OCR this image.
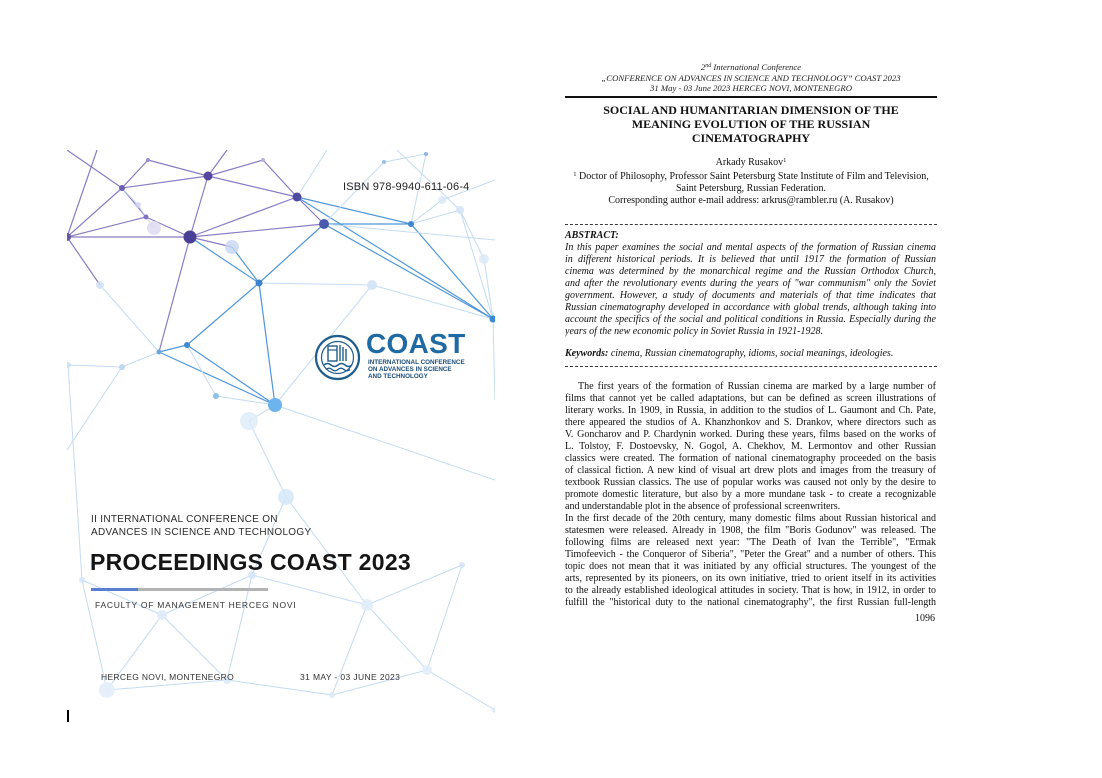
ISBN 978-9940-611-06-4
COAST
INTERNATIONAL CONFERENCE
ON ADVANCES IN SCIENCE
AND TECHNOLOGY
II INTERNATIONAL CONFERENCE ON
ADVANCES IN SCIENCE AND TECHNOLOGY
PROCEEDINGS COAST 2023
FACULTY OF MANAGEMENT HERCEG NOVI
HERCEG NOVI, MONTENEGRO	31 MAY - 03 JUNE 2023
2nd International Conference
„CONFERENCE ON ADVANCES IN SCIENCE AND TECHNOLOGY” COAST 2023
31 May - 03 June 2023 HERCEG NOVI, MONTENEGRO
SOCIAL AND HUMANITARIAN DIMENSION OF THE
MEANING EVOLUTION OF THE RUSSIAN
CINEMATOGRAPHY
Arkady Rusakov$^1$
$^1$ Doctor of Philosophy, Professor Saint Petersburg State Institute of Film and Television,
Saint Petersburg, Russian Federation.
Corresponding author e-mail address: arkrus@rambler.ru (A. Rusakov)
ABSTRACT:
In this paper examines the social and mental aspects of the formation of Russian cinema
in different historical periods. It is believed that until 1917 the formation of Russian
cinema was determined by the monarchical regime and the Russian Orthodox Church,
and after the revolutionary events during the years of "war communism" only the Soviet
government. However, a study of documents and materials of that time indicates that
Russian cinematography developed in accordance with global trends, although taking into
account the specifics of the social and political conditions in Russia. Especially during the
years of the new economic policy in Soviet Russia in 1921-1928.
Keywords: cinema, Russian cinematography, idioms, social meanings, ideologies.
The first years of the formation of Russian cinema are marked by a large number of
films that cannot yet be called adaptations, but can be defined as screen illustrations of
literary works. In 1909, in Russia, in addition to the studios of L. Gaumont and Ch. Pate,
there appeared the studios of A. Khanzhonkov and S. Drankov, where directors such as
V. Goncharov and P. Chardynin worked. During these years, films based on the works of
L. Tolstoy, F. Dostoevsky, N. Gogol, A. Chekhov, M. Lermontov and other Russian
classics were created. The formation of national cinematography proceeded on the basis
of classical fiction. A new kind of visual art drew plots and images from the treasury of
textbook Russian classics. The use of popular works was caused not only by the desire to
promote domestic literature, but also by a more mundane task - to create a recognizable
and understandable plot in the absence of professional screenwriters.
In the first decade of the 20th century, many domestic films about Russian historical and
statesmen were released. Already in 1908, the film "Boris Godunov" was released. The
following films are released next year: "The Death of Ivan the Terrible", "Ermak
Timofeevich - the Conqueror of Siberia", "Peter the Great" and a number of others. This
topic does not mean that it was initiated by any official structures. The youngest of the
arts, represented by its pioneers, on its own initiative, tried to orient itself in its activities
to the already established ideological attitudes in society. That is how, in 1912, in order to
fulfill the "historical duty to the national cinematography", the first Russian full-length
1096
